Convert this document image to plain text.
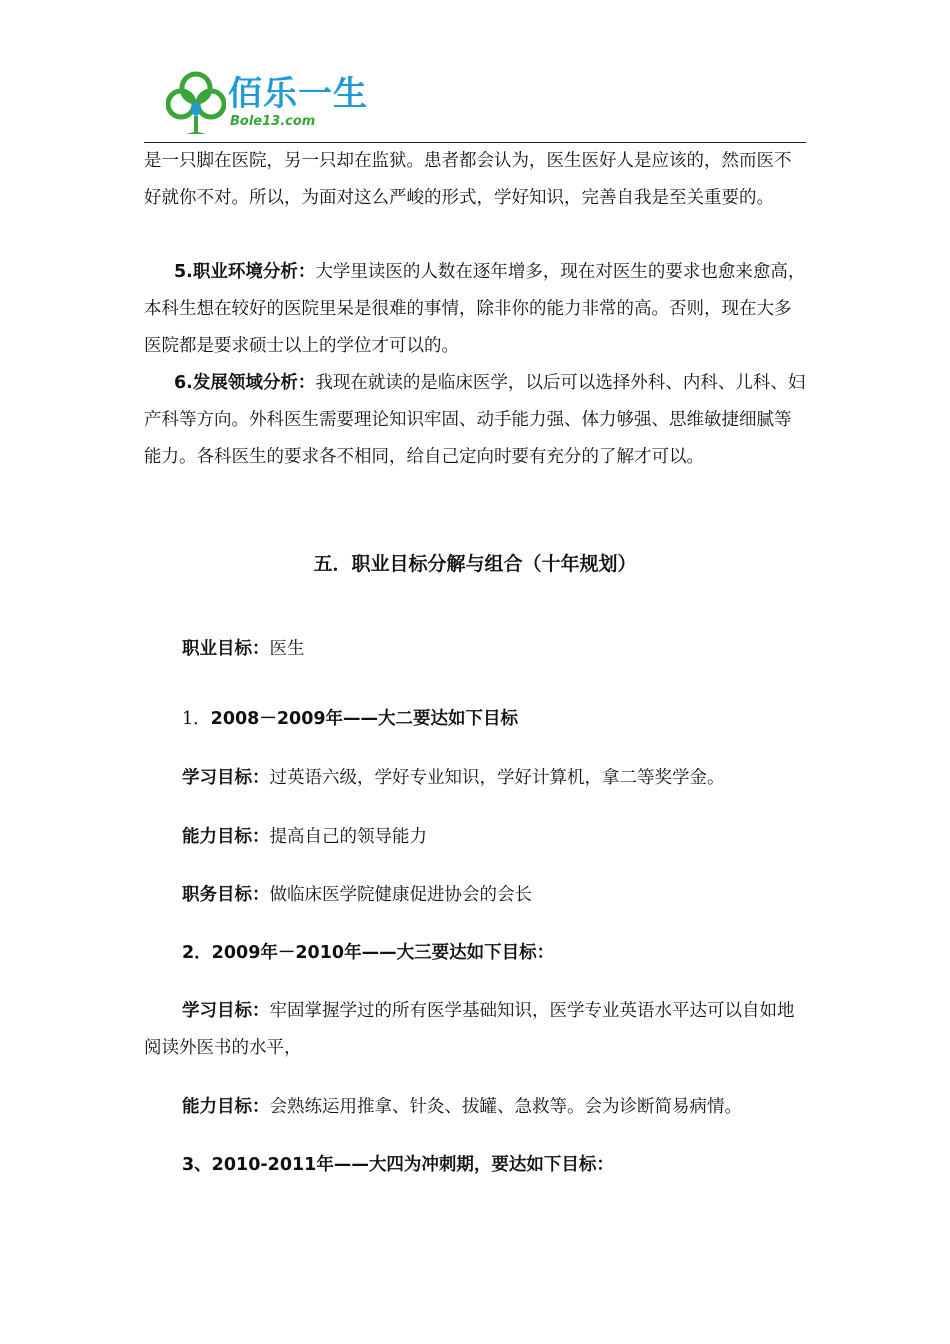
佰乐一生
Bole13.com

是一只脚在医院，另一只却在监狱。患者都会认为，医生医好人是应该的，然而医不好就你不对。所以，为面对这么严峻的形式，学好知识，完善自我是至关重要的。

5.职业环境分析：大学里读医的人数在逐年增多，现在对医生的要求也愈来愈高，本科生想在较好的医院里呆是很难的事情，除非你的能力非常的高。否则，现在大多医院都是要求硕士以上的学位才可以的。

6.发展领域分析：我现在就读的是临床医学，以后可以选择外科、内科、儿科、妇产科等方向。外科医生需要理论知识牢固、动手能力强、体力够强、思维敏捷细腻等能力。各科医生的要求各不相同，给自己定向时要有充分的了解才可以。

五．职业目标分解与组合（十年规划）
职业目标：医生
1．2008－2009年——大二要达如下目标
学习目标：过英语六级，学好专业知识，学好计算机，拿二等奖学金。
能力目标：提高自己的领导能力
职务目标：做临床医学院健康促进协会的会长
2．2009年－2010年——大三要达如下目标：

学习目标：牢固掌握学过的所有医学基础知识，医学专业英语水平达可以自如地阅读外医书的水平，

能力目标：会熟练运用推拿、针灸、拔罐、急救等。会为诊断简易病情。
3、2010-2011年——大四为冲刺期，要达如下目标：
